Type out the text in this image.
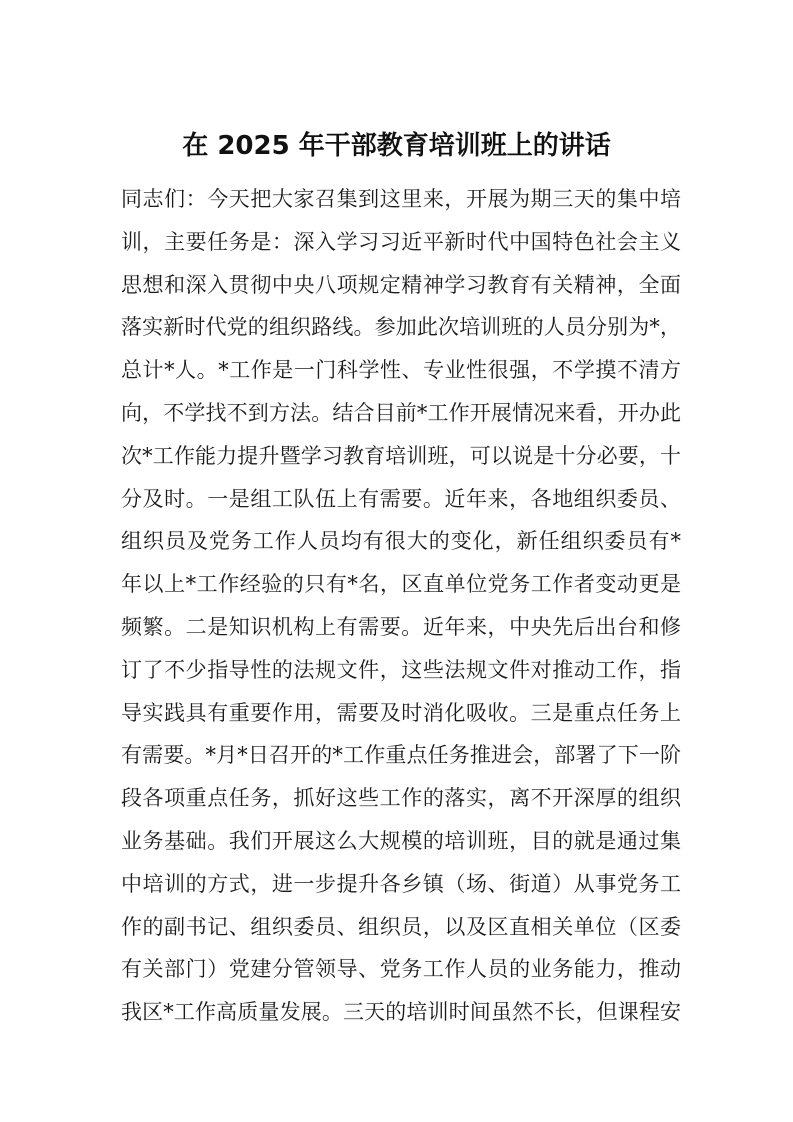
在 2025 年干部教育培训班上的讲话
同志们：今天把大家召集到这里来，开展为期三天的集中培
训，主要任务是：深入学习习近平新时代中国特色社会主义
思想和深入贯彻中央八项规定精神学习教育有关精神，全面
落实新时代党的组织路线。参加此次培训班的人员分别为*，
总计*人。*工作是一门科学性、专业性很强，不学摸不清方
向，不学找不到方法。结合目前*工作开展情况来看，开办此
次*工作能力提升暨学习教育培训班，可以说是十分必要，十
分及时。一是组工队伍上有需要。近年来，各地组织委员、
组织员及党务工作人员均有很大的变化，新任组织委员有*
年以上*工作经验的只有*名，区直单位党务工作者变动更是
频繁。二是知识机构上有需要。近年来，中央先后出台和修
订了不少指导性的法规文件，这些法规文件对推动工作，指
导实践具有重要作用，需要及时消化吸收。三是重点任务上
有需要。*月*日召开的*工作重点任务推进会，部署了下一阶
段各项重点任务，抓好这些工作的落实，离不开深厚的组织
业务基础。我们开展这么大规模的培训班，目的就是通过集
中培训的方式，进一步提升各乡镇（场、街道）从事党务工
作的副书记、组织委员、组织员，以及区直相关单位（区委
有关部门）党建分管领导、党务工作人员的业务能力，推动
我区*工作高质量发展。三天的培训时间虽然不长，但课程安
